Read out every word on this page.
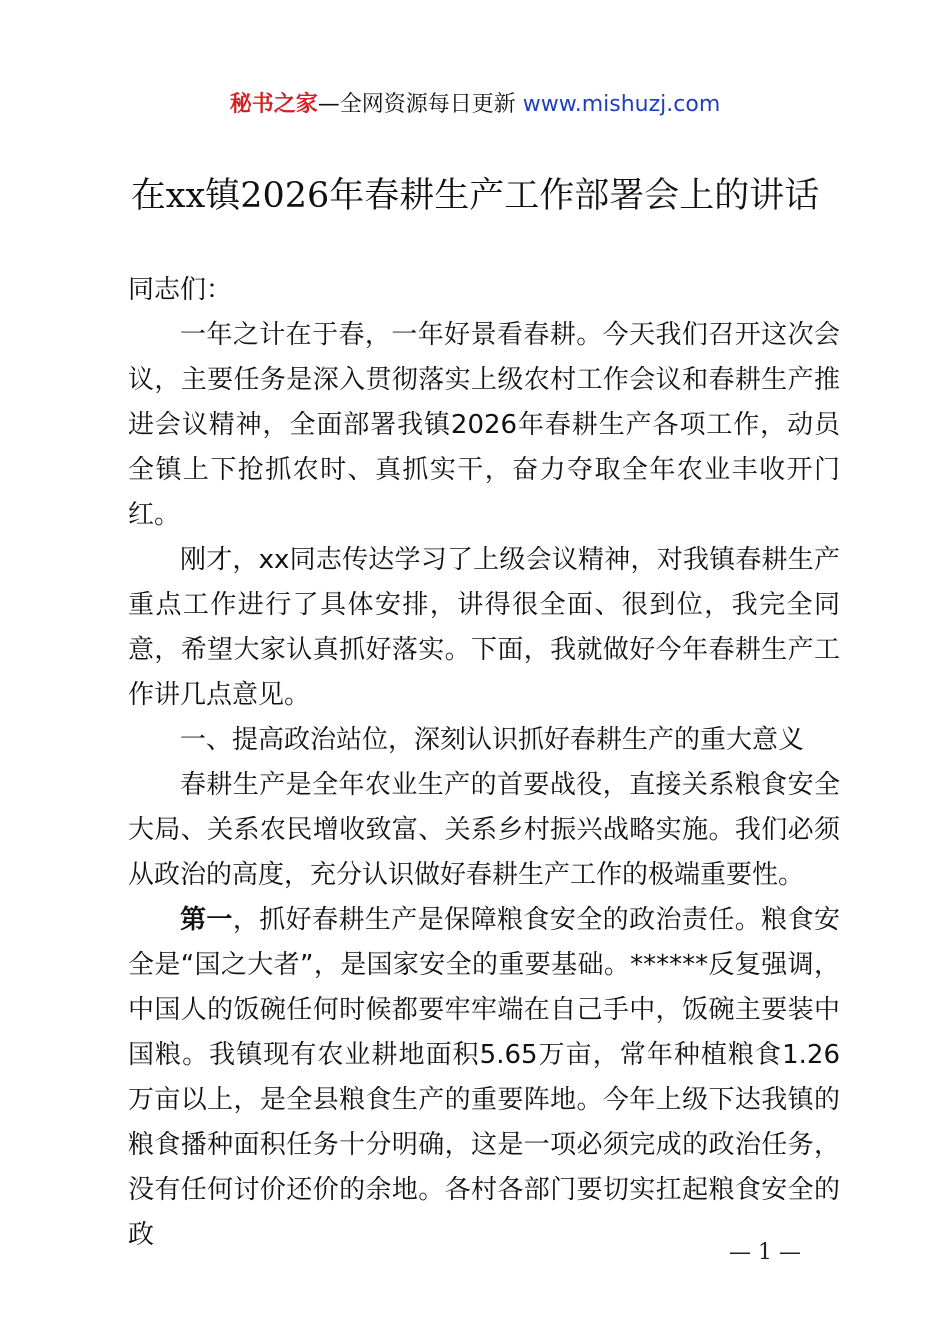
秘书之家—全网资源每日更新 www.mishuzj.com
在xx镇2026年春耕生产工作部署会上的讲话

同志们：

一年之计在于春，一年好景看春耕。今天我们召开这次会议，主要任务是深入贯彻落实上级农村工作会议和春耕生产推进会议精神，全面部署我镇2026年春耕生产各项工作，动员全镇上下抢抓农时、真抓实干，奋力夺取全年农业丰收开门红。

刚才，xx同志传达学习了上级会议精神，对我镇春耕生产重点工作进行了具体安排，讲得很全面、很到位，我完全同意，希望大家认真抓好落实。下面，我就做好今年春耕生产工作讲几点意见。

一、提高政治站位，深刻认识抓好春耕生产的重大意义

春耕生产是全年农业生产的首要战役，直接关系粮食安全大局、关系农民增收致富、关系乡村振兴战略实施。我们必须从政治的高度，充分认识做好春耕生产工作的极端重要性。

第一，抓好春耕生产是保障粮食安全的政治责任。粮食安全是“国之大者”，是国家安全的重要基础。******反复强调，中国人的饭碗任何时候都要牢牢端在自己手中，饭碗主要装中国粮。我镇现有农业耕地面积5.65万亩，常年种植粮食1.26万亩以上，是全县粮食生产的重要阵地。今年上级下达我镇的粮食播种面积任务十分明确，这是一项必须完成的政治任务，没有任何讨价还价的余地。各村各部门要切实扛起粮食安全的政

— 1 —
